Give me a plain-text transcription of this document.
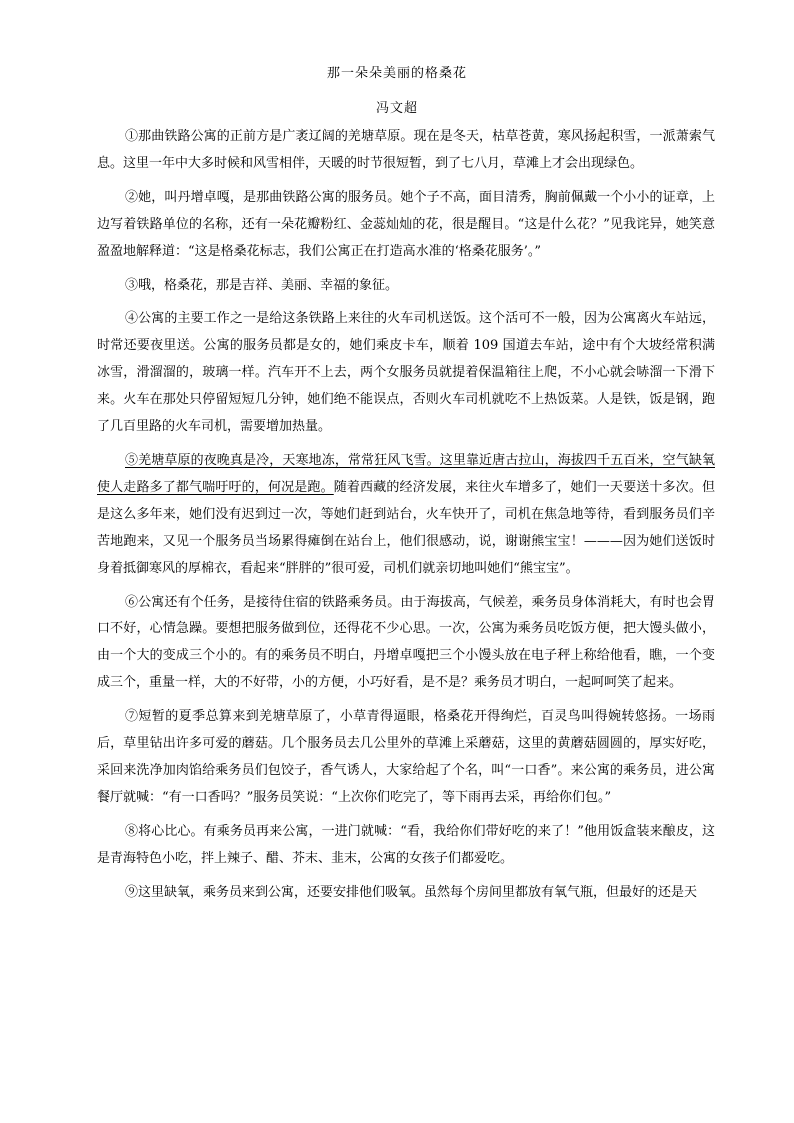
那一朵朵美丽的格桑花
冯文超

①那曲铁路公寓的正前方是广袤辽阔的羌塘草原。现在是冬天，枯草苍黄，寒风扬起积雪，一派萧索气息。这里一年中大多时候和风雪相伴，天暖的时节很短暂，到了七八月，草滩上才会出现绿色。

②她，叫丹增卓嘎，是那曲铁路公寓的服务员。她个子不高，面目清秀，胸前佩戴一个小小的证章，上边写着铁路单位的名称，还有一朵花瓣粉红、金蕊灿灿的花，很是醒目。“这是什么花？”见我诧异，她笑意盈盈地解释道：“这是格桑花标志，我们公寓正在打造高水准的‘格桑花服务’。”

③哦，格桑花，那是吉祥、美丽、幸福的象征。

④公寓的主要工作之一是给这条铁路上来往的火车司机送饭。这个活可不一般，因为公寓离火车站远，时常还要夜里送。公寓的服务员都是女的，她们乘皮卡车，顺着 109 国道去车站，途中有个大坡经常积满冰雪，滑溜溜的，玻璃一样。汽车开不上去，两个女服务员就提着保温箱往上爬，不小心就会哧溜一下滑下来。火车在那处只停留短短几分钟，她们绝不能误点，否则火车司机就吃不上热饭菜。人是铁，饭是钢，跑了几百里路的火车司机，需要增加热量。

⑤羌塘草原的夜晚真是冷，天寒地冻，常常狂风飞雪。这里靠近唐古拉山，海拔四千五百米，空气缺氧使人走路多了都气喘吁吁的，何况是跑。随着西藏的经济发展，来往火车增多了，她们一天要送十多次。但是这么多年来，她们没有迟到过一次，等她们赶到站台，火车快开了，司机在焦急地等待，看到服务员们辛苦地跑来，又见一个服务员当场累得瘫倒在站台上，他们很感动，说，谢谢熊宝宝！———因为她们送饭时身着抵御寒风的厚棉衣，看起来“胖胖的”很可爱，司机们就亲切地叫她们“熊宝宝”。

⑥公寓还有个任务，是接待住宿的铁路乘务员。由于海拔高，气候差，乘务员身体消耗大，有时也会胃口不好，心情急躁。要想把服务做到位，还得花不少心思。一次，公寓为乘务员吃饭方便，把大馒头做小，由一个大的变成三个小的。有的乘务员不明白，丹增卓嘎把三个小馒头放在电子秤上称给他看，瞧，一个变成三个，重量一样，大的不好带，小的方便，小巧好看，是不是？乘务员才明白，一起呵呵笑了起来。

⑦短暂的夏季总算来到羌塘草原了，小草青得逼眼，格桑花开得绚烂，百灵鸟叫得婉转悠扬。一场雨后，草里钻出许多可爱的蘑菇。几个服务员去几公里外的草滩上采蘑菇，这里的黄蘑菇圆圆的，厚实好吃，采回来洗净加肉馅给乘务员们包饺子，香气诱人，大家给起了个名，叫“一口香”。来公寓的乘务员，进公寓餐厅就喊：“有一口香吗？”服务员笑说：“上次你们吃完了，等下雨再去采，再给你们包。”

⑧将心比心。有乘务员再来公寓，一进门就喊：“看，我给你们带好吃的来了！”他用饭盒装来酿皮，这是青海特色小吃，拌上辣子、醋、芥末、韭末，公寓的女孩子们都爱吃。

⑨这里缺氧，乘务员来到公寓，还要安排他们吸氧。虽然每个房间里都放有氧气瓶，但最好的还是天
